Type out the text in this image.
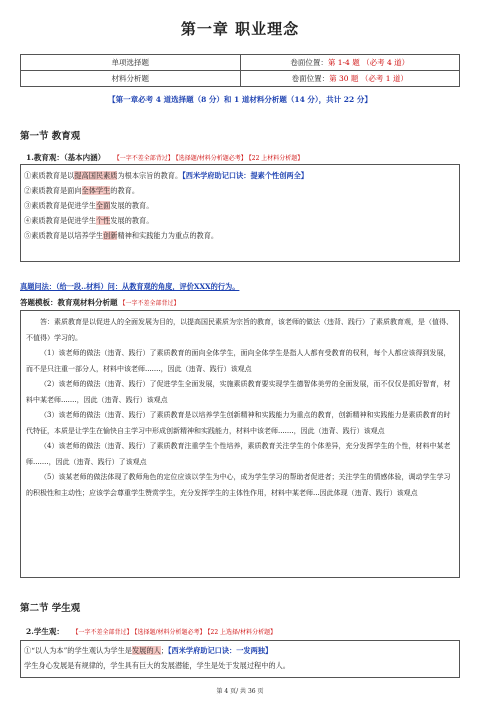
第一章 职业理念
单项选择题	卷面位置：第 1-4 题 （必考 4 道）
材料分析题	卷面位置：第 30 题 （必考 1 道）
【第一章必考 4 道选择题（8 分）和 1 道材料分析题（14 分），共计 22 分】
第一节 教育观
1.教育观：（基本内涵） 【一字不差全部背过】 【选择题/材料分析题必考】 【22 上材料分析题】
①素质教育是以提高国民素质为根本宗旨的教育。【西米学府助记口诀：提素个性创两全】
②素质教育是面向全体学生的教育。
③素质教育是促进学生全面发展的教育。
④素质教育是促进学生个性发展的教育。
⑤素质教育是以培养学生创新精神和实践能力为重点的教育。
真题问法：（给一段..材料）问：从教育观的角度，评价XXX的行为。
答题模板：教育观材料分析题 【一字不差全部背过】

答：素质教育是以促进人的全面发展为目的，以提高国民素质为宗旨的教育，该老师的做法（违背、践行）了素质教育观，是（值得、不值得）学习的。

（1）该老师的做法（违背、践行）了素质教育的面向全体学生，面向全体学生是指人人都有受教育的权利，每个人都应该得到发展，而不是只注重一部分人，材料中该老师.......，因此（违背、践行）该观点

（2）该老师的做法（违背、践行）了促进学生全面发展，实施素质教育要实现学生德智体美劳的全面发展，而不仅仅是抓好智育，材料中某老师.......，因此（违背、践行）该观点

（3）该老师的做法（违背、践行）了素质教育是以培养学生创新精神和实践能力为重点的教育，创新精神和实践能力是素质教育的时代特征，本质是让学生在愉快自主学习中形成创新精神和实践能力，材料中该老师.......，因此（违背、践行）该观点

（4）该老师的做法（违背、践行）了素质教育注重学生个性培养，素质教育关注学生的个体差异，充分发挥学生的个性，材料中某老师.......，因此（违背、践行）了该观点

（5）该某老师的做法体现了教师角色的定位应该以学生为中心，成为学生学习的帮助者促进者；关注学生的情感体验，调动学生学习的积极性和主动性；应该学会尊重学生赞赏学生，充分发挥学生的主体性作用，材料中某老师...因此体现（违背、践行）该观点

第二节 学生观
2.学生观： 【一字不差全部背过】 【选择题/材料分析题必考】 【22 上选择/材料分析题】
①“以人为本”的学生观认为学生是发展的人；【西米学府助记口诀：一发两独】
学生身心发展是有规律的，学生具有巨大的发展潜能，学生是处于发展过程中的人。
第 4 页/ 共 36 页
